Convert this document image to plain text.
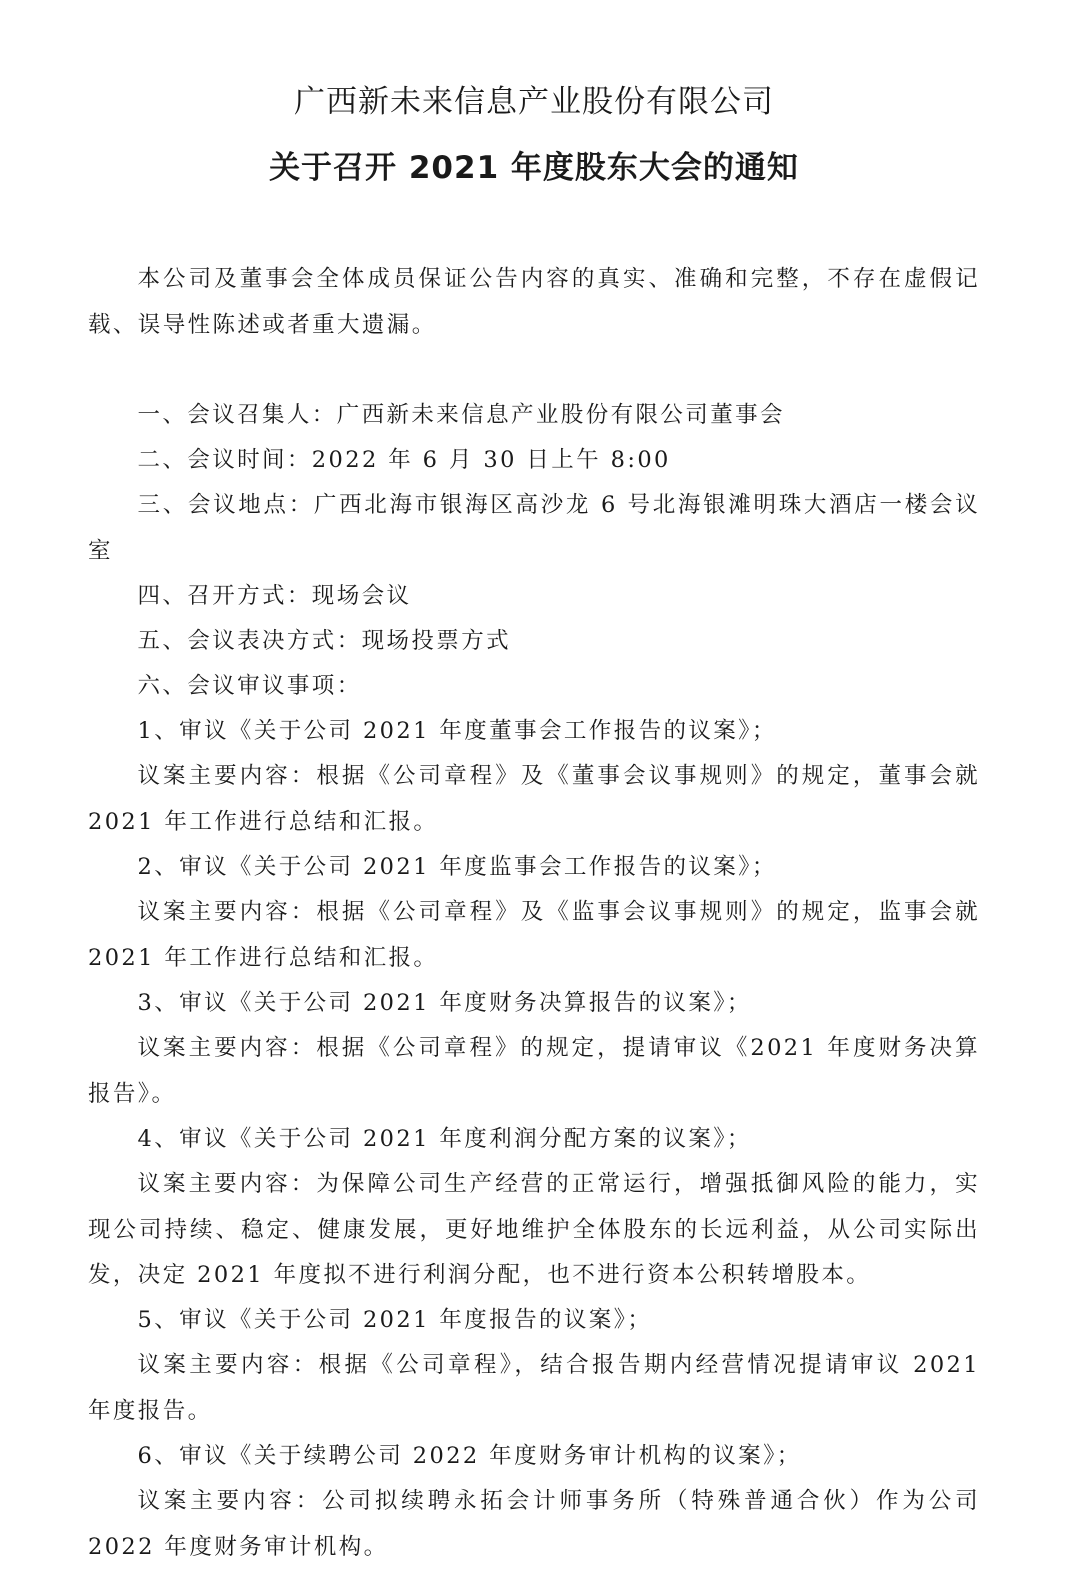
广西新未来信息产业股份有限公司
关于召开 2021 年度股东大会的通知

本公司及董事会全体成员保证公告内容的真实、准确和完整，不存在虚假记载、误导性陈述或者重大遗漏。

一、会议召集人：广西新未来信息产业股份有限公司董事会

二、会议时间：2022 年 6 月 30 日上午 8:00

三、会议地点：广西北海市银海区高沙龙 6 号北海银滩明珠大酒店一楼会议室

四、召开方式：现场会议

五、会议表决方式：现场投票方式

六、会议审议事项：

1、审议《关于公司 2021 年度董事会工作报告的议案》；

议案主要内容：根据《公司章程》及《董事会议事规则》的规定，董事会就 2021 年工作进行总结和汇报。

2、审议《关于公司 2021 年度监事会工作报告的议案》；

议案主要内容：根据《公司章程》及《监事会议事规则》的规定，监事会就 2021 年工作进行总结和汇报。

3、审议《关于公司 2021 年度财务决算报告的议案》；

议案主要内容：根据《公司章程》的规定，提请审议《2021 年度财务决算报告》。

4、审议《关于公司 2021 年度利润分配方案的议案》；

议案主要内容：为保障公司生产经营的正常运行，增强抵御风险的能力，实现公司持续、稳定、健康发展，更好地维护全体股东的长远利益，从公司实际出发，决定 2021 年度拟不进行利润分配，也不进行资本公积转增股本。

5、审议《关于公司 2021 年度报告的议案》；

议案主要内容：根据《公司章程》，结合报告期内经营情况提请审议 2021 年度报告。

6、审议《关于续聘公司 2022 年度财务审计机构的议案》；

议案主要内容：公司拟续聘永拓会计师事务所（特殊普通合伙）作为公司 2022 年度财务审计机构。
